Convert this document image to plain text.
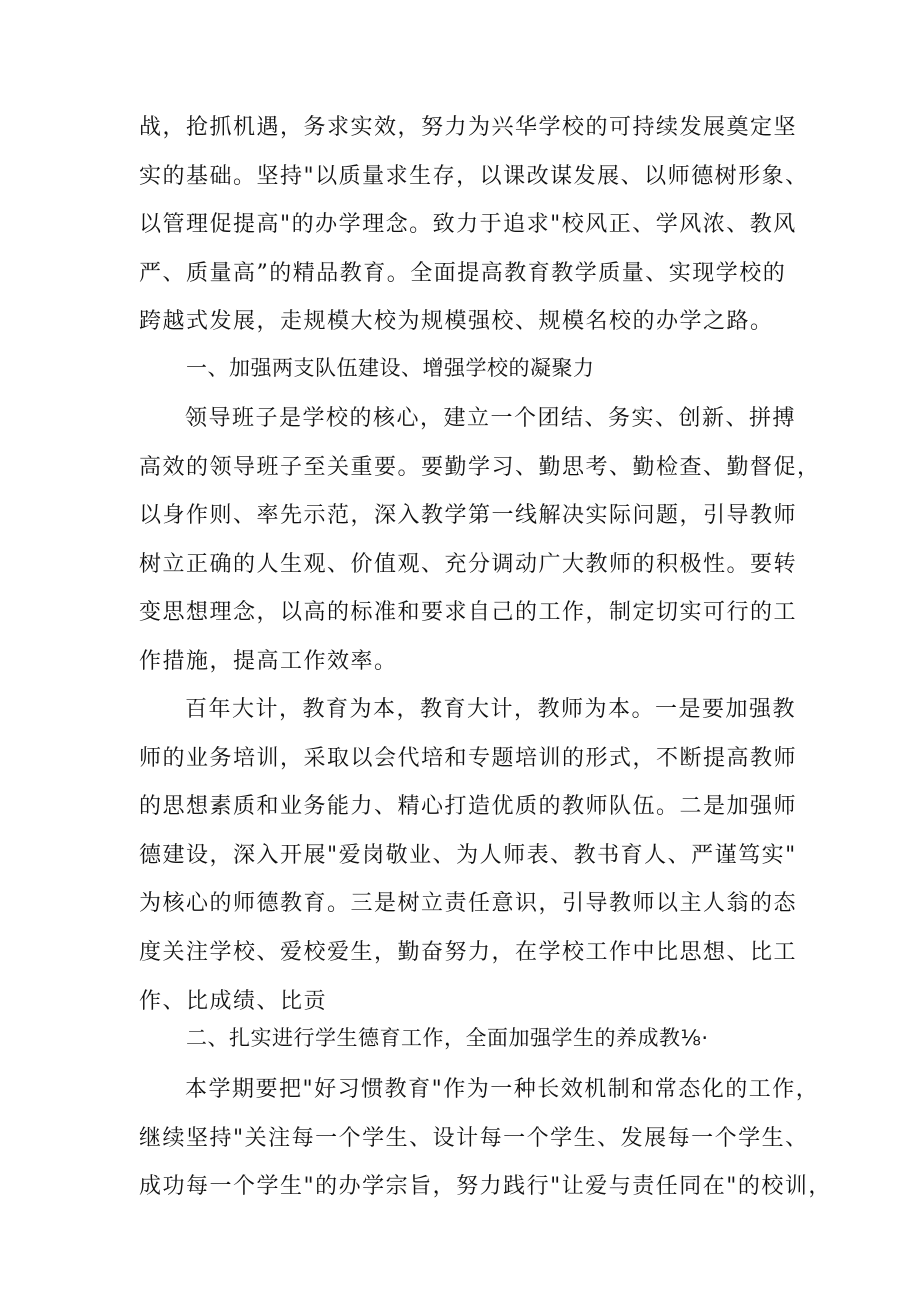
战，抢抓机遇，务求实效，努力为兴华学校的可持续发展奠定坚
实的基础。坚持"以质量求生存，以课改谋发展、以师德树形象、
以管理促提高"的办学理念。致力于追求"校风正、学风浓、教风
严、质量高”的精品教育。全面提高教育教学质量、实现学校的
跨越式发展，走规模大校为规模强校、规模名校的办学之路。
一、加强两支队伍建设、增强学校的凝聚力
领导班子是学校的核心，建立一个团结、务实、创新、拼搏
高效的领导班子至关重要。要勤学习、勤思考、勤检查、勤督促，
以身作则、率先示范，深入教学第一线解决实际问题，引导教师
树立正确的人生观、价值观、充分调动广大教师的积极性。要转
变思想理念，以高的标准和要求自己的工作，制定切实可行的工
作措施，提高工作效率。
百年大计，教育为本，教育大计，教师为本。一是要加强教
师的业务培训，采取以会代培和专题培训的形式，不断提高教师
的思想素质和业务能力、精心打造优质的教师队伍。二是加强师
德建设，深入开展"爱岗敬业、为人师表、教书育人、严谨笃实"
为核心的师德教育。三是树立责任意识，引导教师以主人翁的态
度关注学校、爱校爱生，勤奋努力，在学校工作中比思想、比工
作、比成绩、比贡
二、扎实进行学生德育工作，全面加强学生的养成教⅛·
本学期要把"好习惯教育"作为一种长效机制和常态化的工作，
继续坚持"关注每一个学生、设计每一个学生、发展每一个学生、
成功每一个学生"的办学宗旨，努力践行"让爱与责任同在"的校训，
